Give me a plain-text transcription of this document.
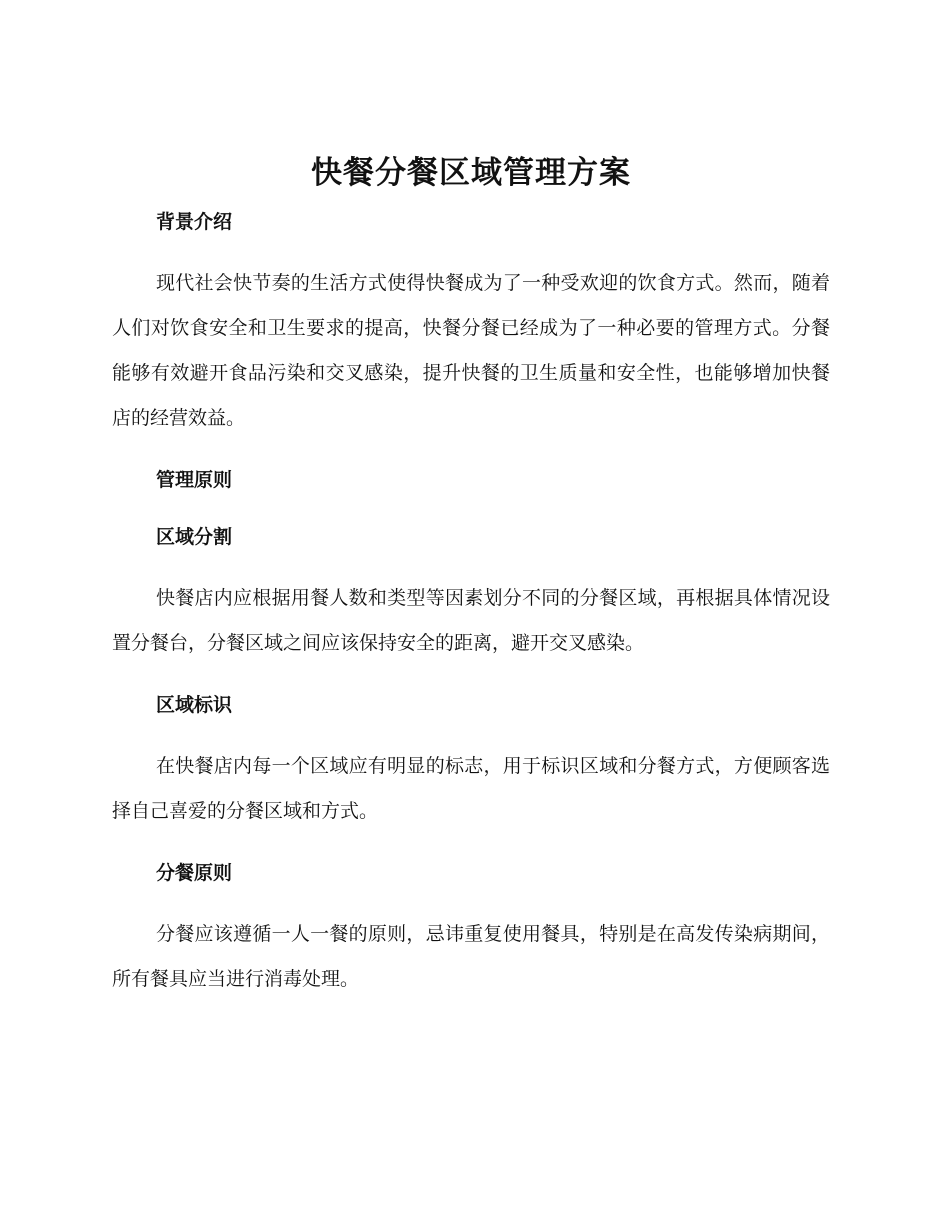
快餐分餐区域管理方案
背景介绍

现代社会快节奏的生活方式使得快餐成为了一种受欢迎的饮食方式。然而，随着人们对饮食安全和卫生要求的提高，快餐分餐已经成为了一种必要的管理方式。分餐能够有效避开食品污染和交叉感染，提升快餐的卫生质量和安全性，也能够增加快餐店的经营效益。

管理原则
区域分割

快餐店内应根据用餐人数和类型等因素划分不同的分餐区域，再根据具体情况设置分餐台，分餐区域之间应该保持安全的距离，避开交叉感染。

区域标识

在快餐店内每一个区域应有明显的标志，用于标识区域和分餐方式，方便顾客选择自己喜爱的分餐区域和方式。

分餐原则

分餐应该遵循一人一餐的原则，忌讳重复使用餐具，特别是在高发传染病期间，所有餐具应当进行消毒处理。
